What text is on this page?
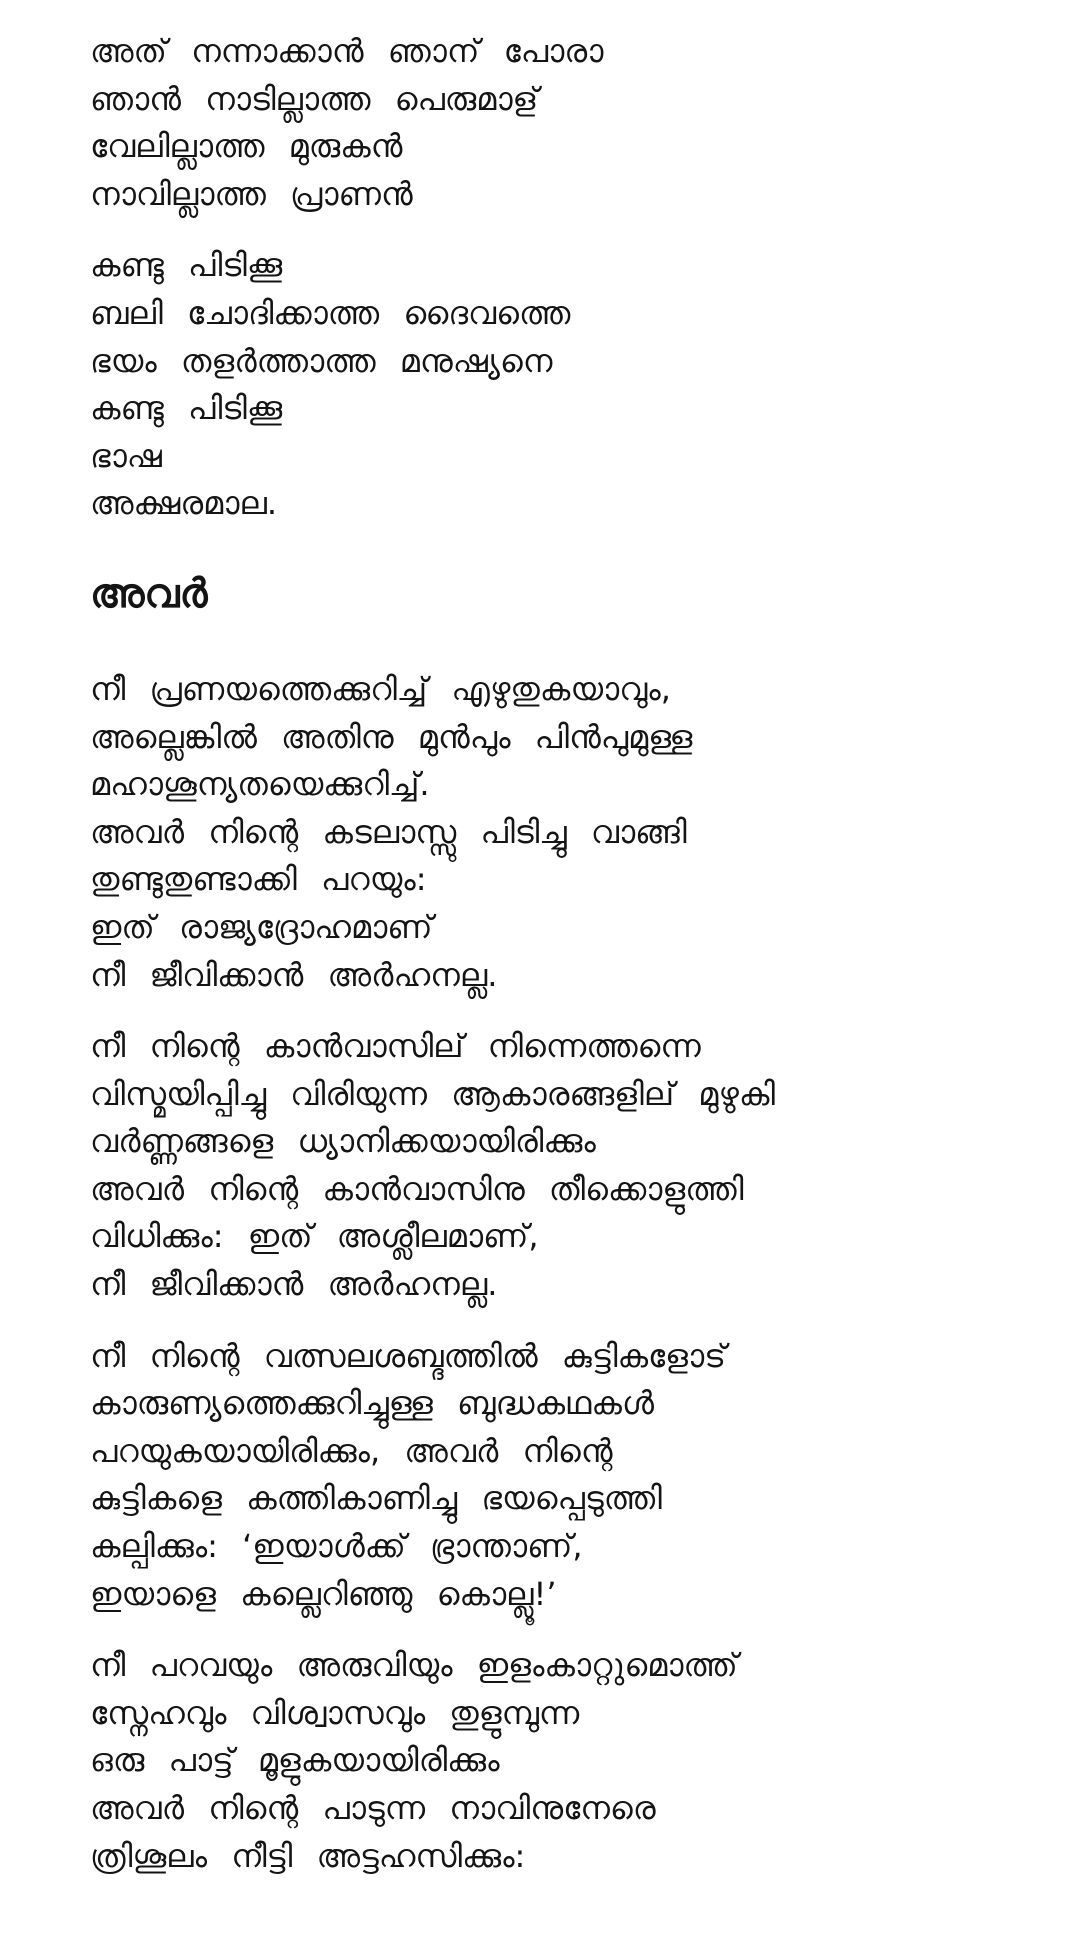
അത് നന്നാക്കാൻ ഞാന് പോരാ
ഞാൻ നാടില്ലാത്ത പെരുമാള്
വേലില്ലാത്ത മുരുകൻ
നാവില്ലാത്ത പ്രാണൻ
കണ്ടു പിടിക്കൂ
ബലി ചോദിക്കാത്ത ദൈവത്തെ
ഭയം തളർത്താത്ത മനുഷ്യനെ
കണ്ടു പിടിക്കൂ
ഭാഷ
അക്ഷരമാല.
അവർ
നീ പ്രണയത്തെക്കുറിച്ച് എഴുതുകയാവും,
അല്ലെങ്കിൽ അതിനു മുൻപും പിൻപുമുള്ള
മഹാശൂന്യതയെക്കുറിച്ച്.
അവർ നിന്റെ കടലാസ്സു പിടിച്ചു വാങ്ങി
തുണ്ടുതുണ്ടാക്കി പറയും:
ഇത് രാജ്യദ്രോഹമാണ്
നീ ജീവിക്കാൻ അർഹനല്ല.
നീ നിന്റെ കാൻവാസില് നിന്നെത്തന്നെ
വിസ്മയിപ്പിച്ചു വിരിയുന്ന ആകാരങ്ങളില് മുഴുകി
വർണ്ണങ്ങളെ ധ്യാനിക്കയായിരിക്കും
അവർ നിന്റെ കാൻവാസിനു തീക്കൊളുത്തി
വിധിക്കും: ഇത് അശ്ലീലമാണ്,
നീ ജീവിക്കാൻ അർഹനല്ല.
നീ നിന്റെ വത്സലശബ്ദത്തിൽ കുട്ടികളോട്
കാരുണ്യത്തെക്കുറിച്ചുള്ള ബുദ്ധകഥകൾ
പറയുകയായിരിക്കും, അവർ നിന്റെ
കുട്ടികളെ കത്തികാണിച്ചു ഭയപ്പെടുത്തി
കല്പിക്കും: ‘ഇയാൾക്ക് ഭ്രാന്താണ്,
ഇയാളെ കല്ലെറിഞ്ഞു കൊല്ലൂ!’
നീ പറവയും അരുവിയും ഇളംകാറ്റുമൊത്ത്
സ്നേഹവും വിശ്വാസവും തുളുമ്പുന്ന
ഒരു പാട്ട് മൂളുകയായിരിക്കും
അവർ നിന്റെ പാടുന്ന നാവിനുനേരെ
ത്രിശൂലം നീട്ടി അട്ടഹസിക്കും:
